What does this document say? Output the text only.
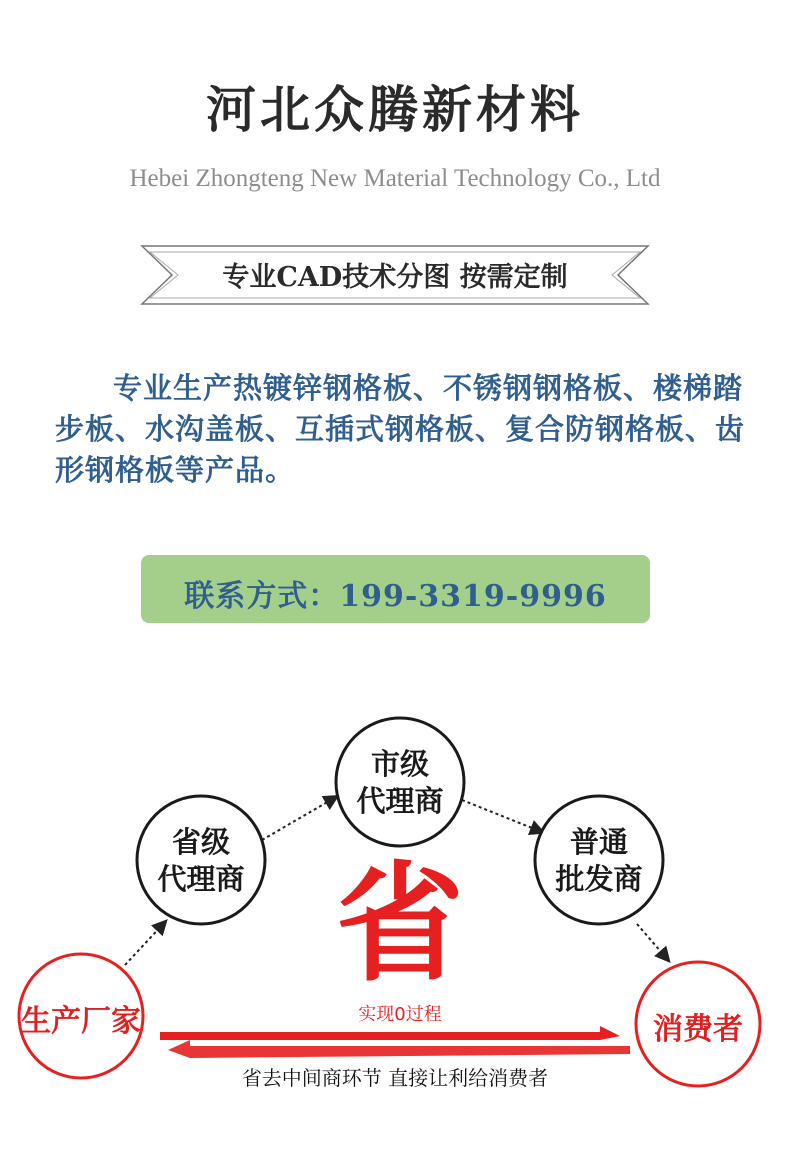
河北众腾新材料
Hebei Zhongteng New Material Technology Co., Ltd
专业CAD技术分图 按需定制
专业生产热镀锌钢格板、不锈钢钢格板、楼梯踏步板、水沟盖板、互插式钢格板、复合防钢格板、齿形钢格板等产品。
联系方式：199-3319-9996
省级
代理商
市级
代理商
普通
批发商
生产厂家	消费者
省
实现0过程
省去中间商环节 直接让利给消费者
